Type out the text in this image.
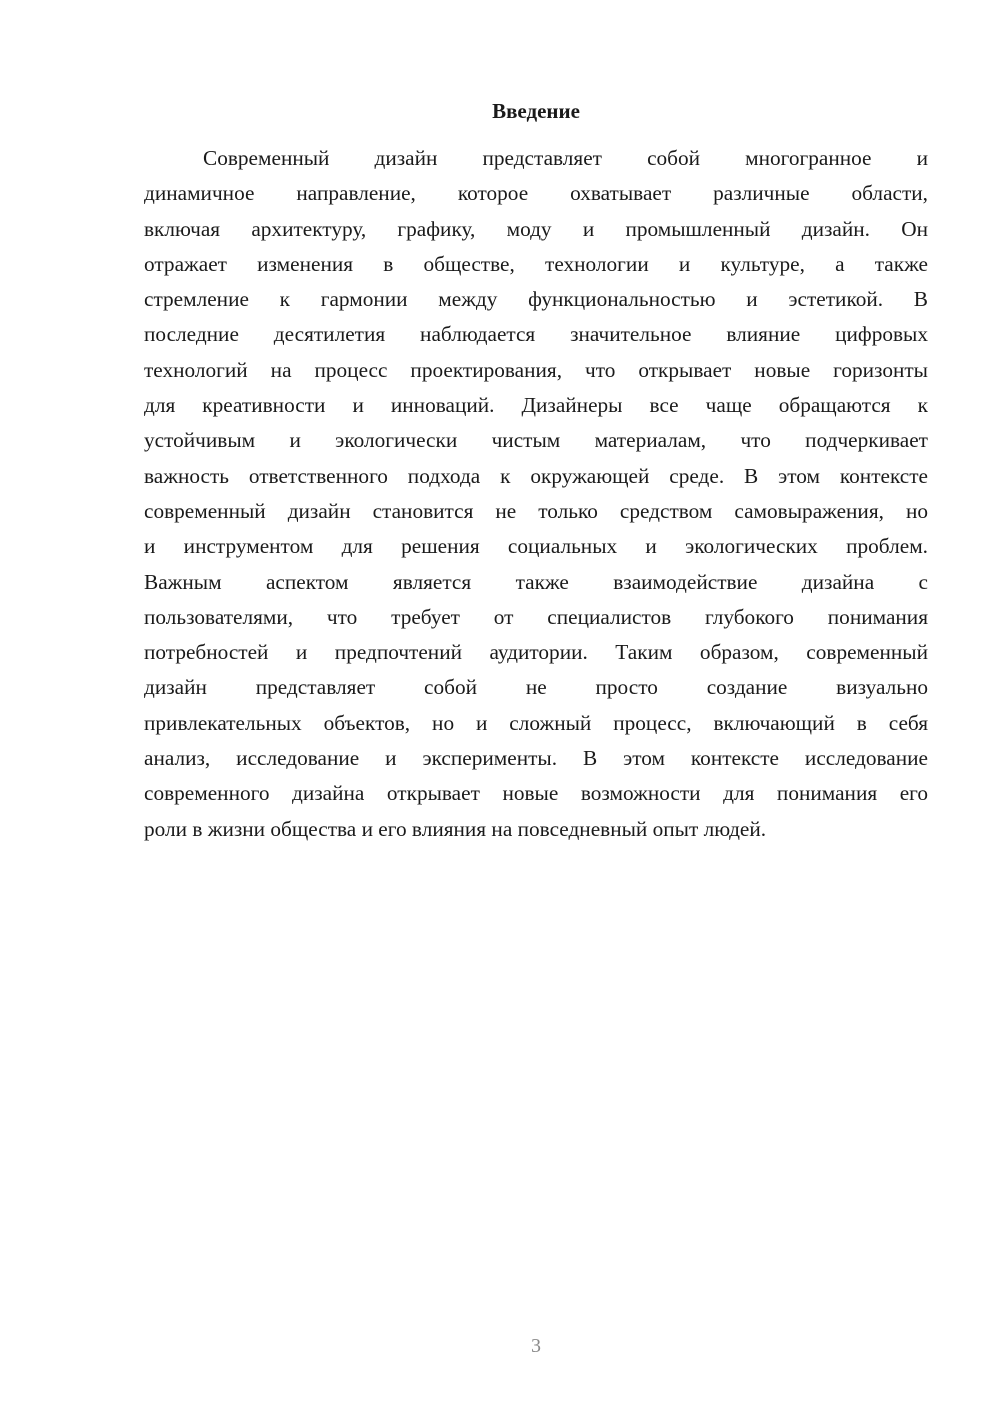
Введение
Современный дизайн представляет собой многогранное и
динамичное направление, которое охватывает различные области,
включая архитектуру, графику, моду и промышленный дизайн. Он
отражает изменения в обществе, технологии и культуре, а также
стремление к гармонии между функциональностью и эстетикой. В
последние десятилетия наблюдается значительное влияние цифровых
технологий на процесс проектирования, что открывает новые горизонты
для креативности и инноваций. Дизайнеры все чаще обращаются к
устойчивым и экологически чистым материалам, что подчеркивает
важность ответственного подхода к окружающей среде. В этом контексте
современный дизайн становится не только средством самовыражения, но
и инструментом для решения социальных и экологических проблем.
Важным аспектом является также взаимодействие дизайна с
пользователями, что требует от специалистов глубокого понимания
потребностей и предпочтений аудитории. Таким образом, современный
дизайн представляет собой не просто создание визуально
привлекательных объектов, но и сложный процесс, включающий в себя
анализ, исследование и эксперименты. В этом контексте исследование
современного дизайна открывает новые возможности для понимания его
роли в жизни общества и его влияния на повседневный опыт людей.
3
